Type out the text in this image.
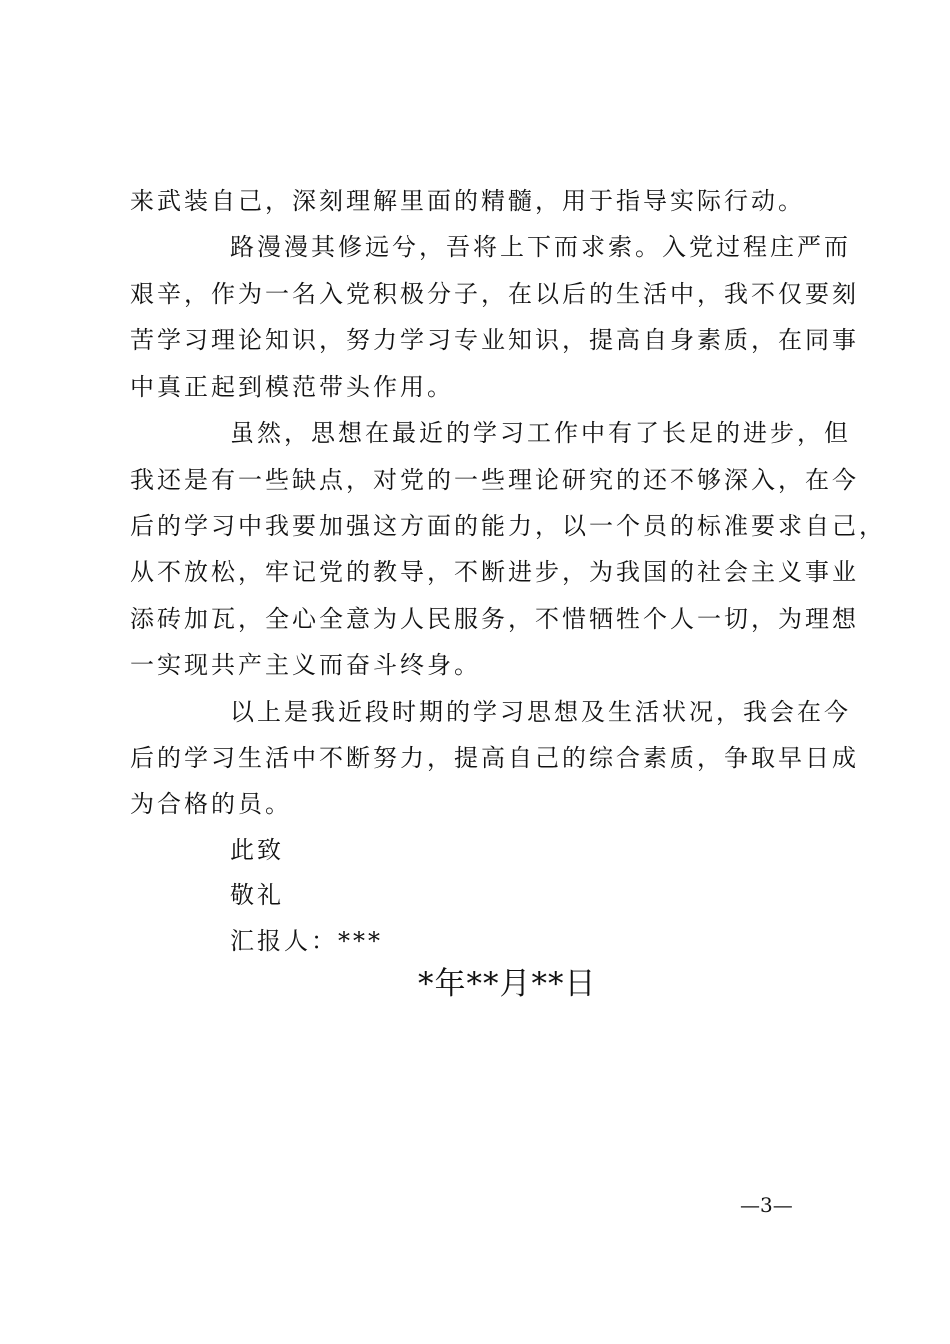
来武装自己，深刻理解里面的精髓，用于指导实际行动。
路漫漫其修远兮，吾将上下而求索。入党过程庄严而
艰辛，作为一名入党积极分子，在以后的生活中，我不仅要刻
苦学习理论知识，努力学习专业知识，提高自身素质，在同事
中真正起到模范带头作用。
虽然，思想在最近的学习工作中有了长足的进步，但
我还是有一些缺点，对党的一些理论研究的还不够深入，在今
后的学习中我要加强这方面的能力，以一个员的标准要求自己，
从不放松，牢记党的教导，不断进步，为我国的社会主义事业
添砖加瓦，全心全意为人民服务，不惜牺牲个人一切，为理想
一实现共产主义而奋斗终身。
以上是我近段时期的学习思想及生活状况，我会在今
后的学习生活中不断努力，提高自己的综合素质，争取早日成
为合格的员。
此致
敬礼
汇报人：***
*年**月**日
—3—
